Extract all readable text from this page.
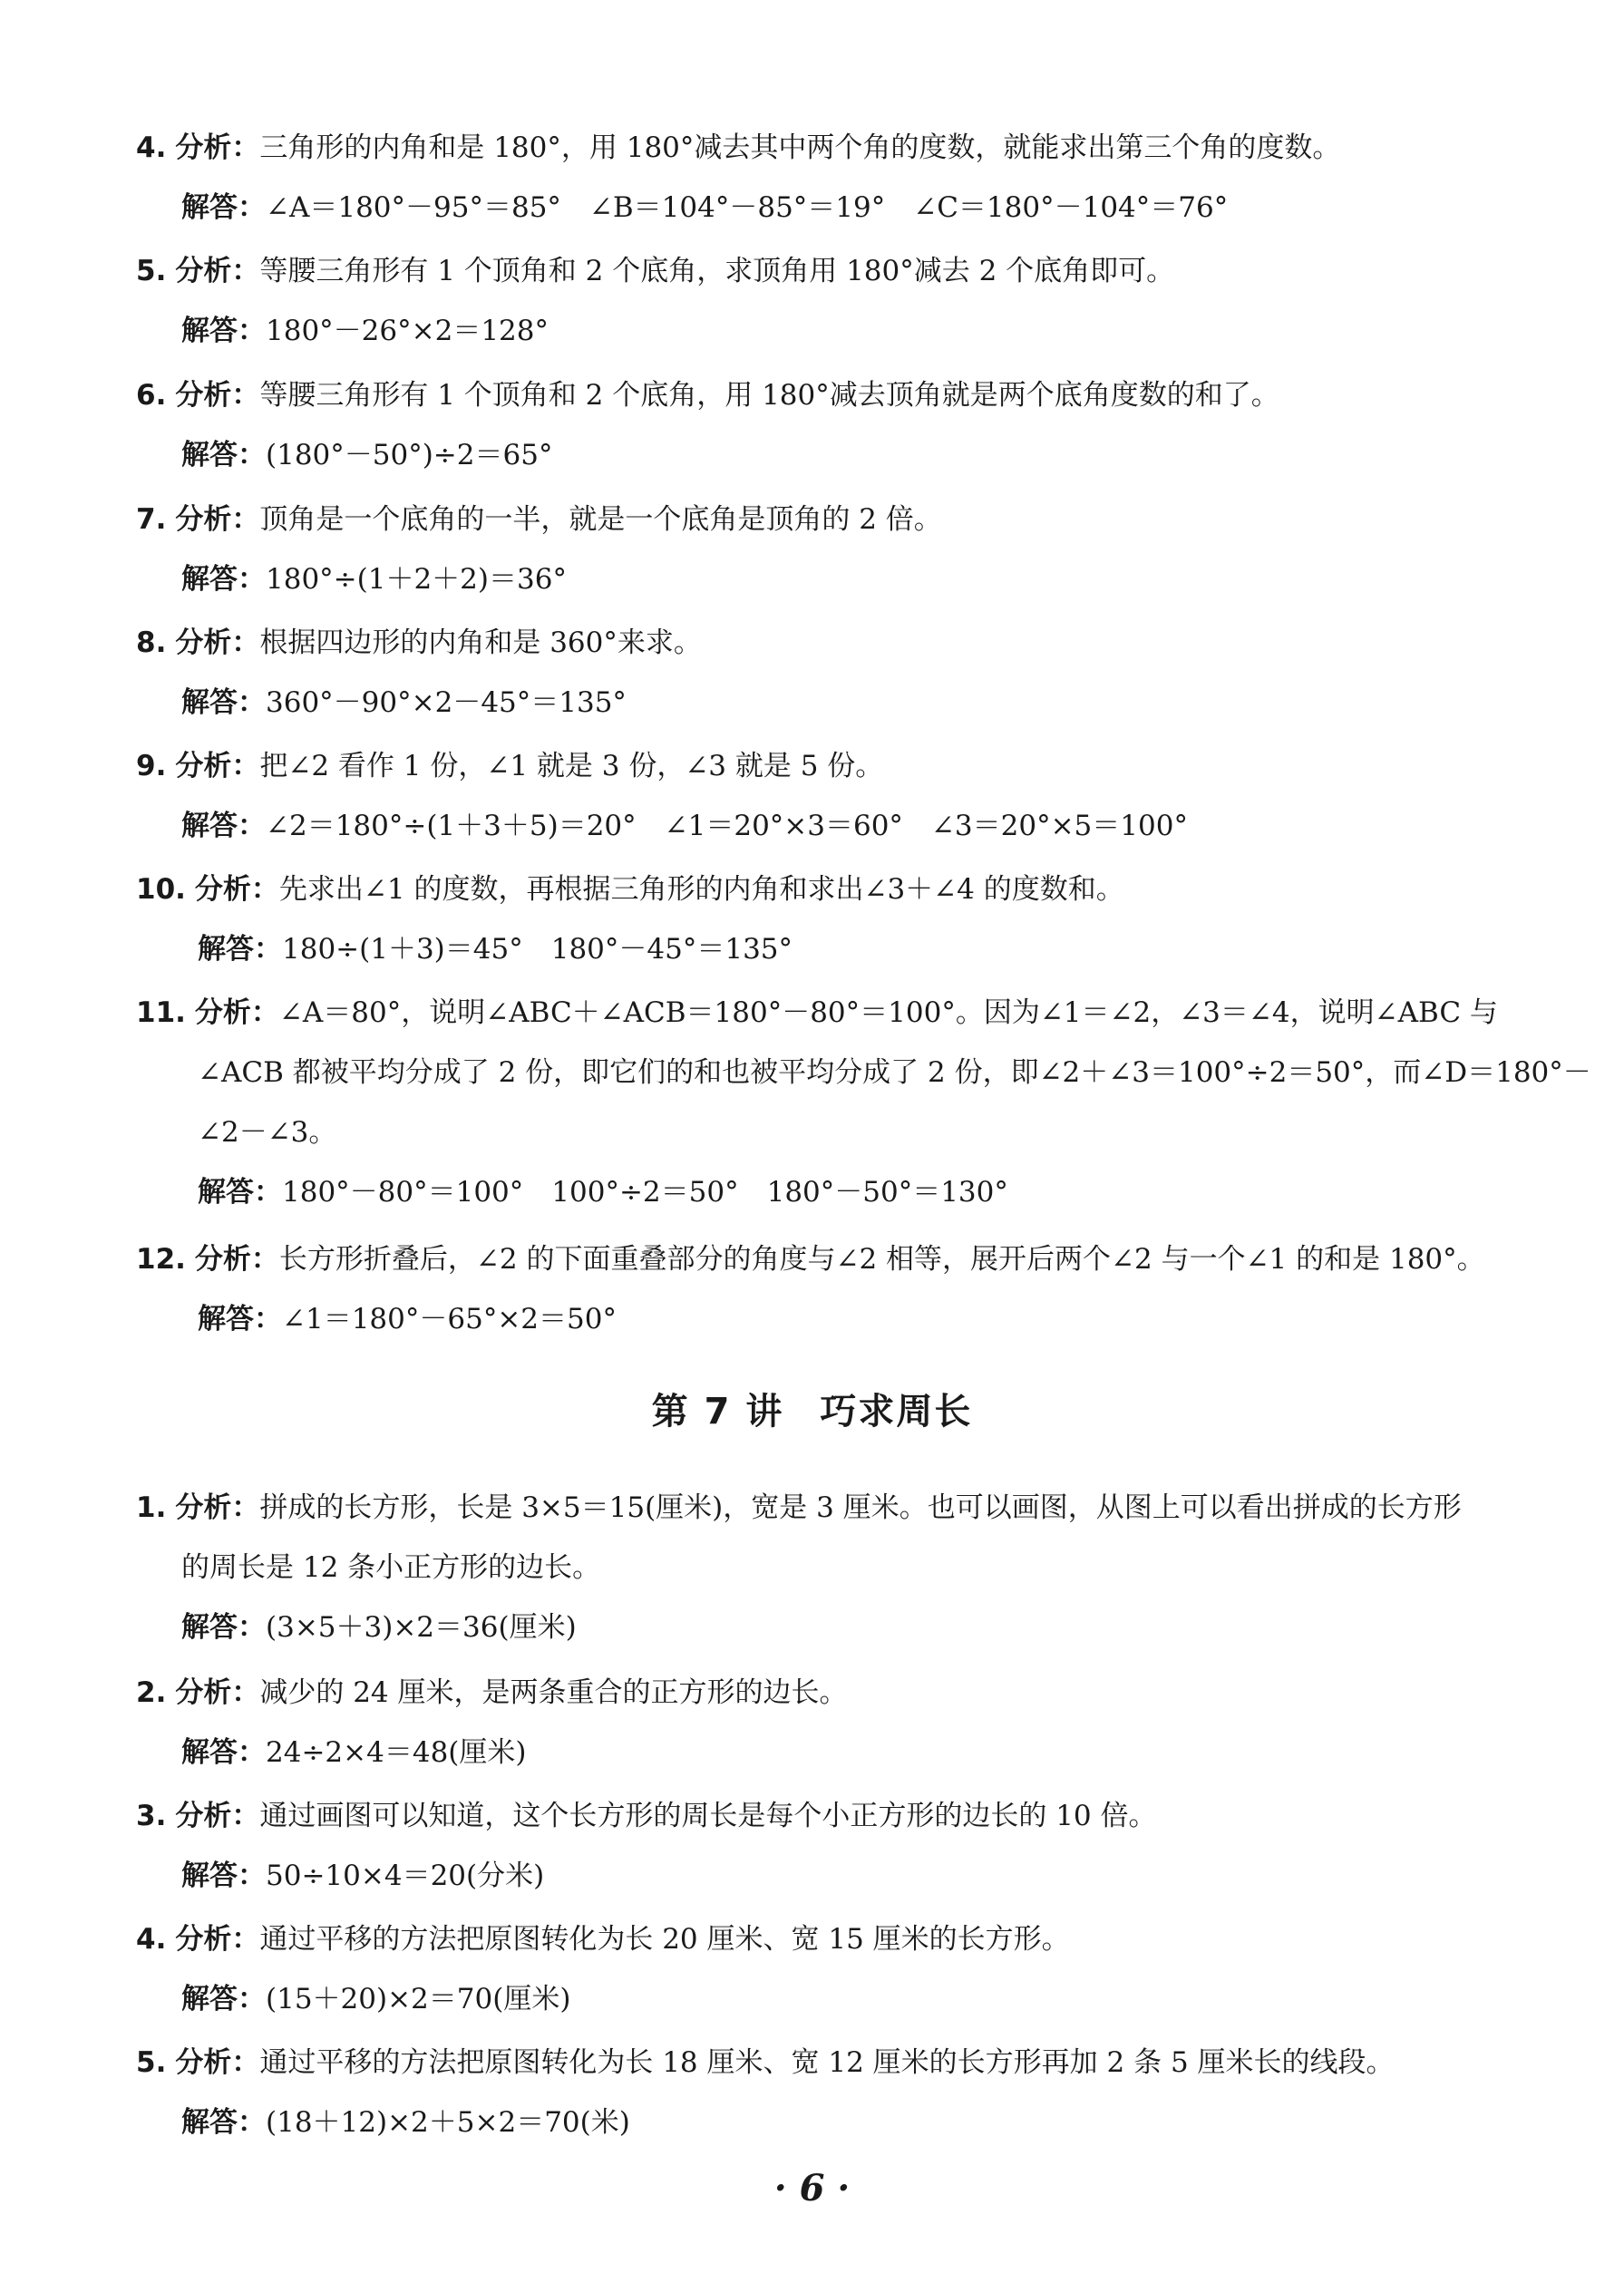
4. 分析：三角形的内角和是 180°，用 180°减去其中两个角的度数，就能求出第三个角的度数。
解答：∠A＝180°－95°＝85°　∠B＝104°－85°＝19°　∠C＝180°－104°＝76°
5. 分析：等腰三角形有 1 个顶角和 2 个底角，求顶角用 180°减去 2 个底角即可。
解答：180°－26°×2＝128°
6. 分析：等腰三角形有 1 个顶角和 2 个底角，用 180°减去顶角就是两个底角度数的和了。
解答：(180°－50°)÷2＝65°
7. 分析：顶角是一个底角的一半，就是一个底角是顶角的 2 倍。
解答：180°÷(1＋2＋2)＝36°
8. 分析：根据四边形的内角和是 360°来求。
解答：360°－90°×2－45°＝135°
9. 分析：把∠2 看作 1 份，∠1 就是 3 份，∠3 就是 5 份。
解答：∠2＝180°÷(1＋3＋5)＝20°　∠1＝20°×3＝60°　∠3＝20°×5＝100°
10. 分析：先求出∠1 的度数，再根据三角形的内角和求出∠3＋∠4 的度数和。
解答：180÷(1＋3)＝45°　180°－45°＝135°
11. 分析：∠A＝80°，说明∠ABC＋∠ACB＝180°－80°＝100°。因为∠1＝∠2，∠3＝∠4，说明∠ABC 与
∠ACB 都被平均分成了 2 份，即它们的和也被平均分成了 2 份，即∠2＋∠3＝100°÷2＝50°，而∠D＝180°－
∠2－∠3。
解答：180°－80°＝100°　100°÷2＝50°　180°－50°＝130°
12. 分析：长方形折叠后，∠2 的下面重叠部分的角度与∠2 相等，展开后两个∠2 与一个∠1 的和是 180°。
解答：∠1＝180°－65°×2＝50°
第 7 讲 巧求周长
1. 分析：拼成的长方形，长是 3×5＝15(厘米)，宽是 3 厘米。也可以画图，从图上可以看出拼成的长方形
的周长是 12 条小正方形的边长。
解答：(3×5＋3)×2＝36(厘米)
2. 分析：减少的 24 厘米，是两条重合的正方形的边长。
解答：24÷2×4＝48(厘米)
3. 分析：通过画图可以知道，这个长方形的周长是每个小正方形的边长的 10 倍。
解答：50÷10×4＝20(分米)
4. 分析：通过平移的方法把原图转化为长 20 厘米、宽 15 厘米的长方形。
解答：(15＋20)×2＝70(厘米)
5. 分析：通过平移的方法把原图转化为长 18 厘米、宽 12 厘米的长方形再加 2 条 5 厘米长的线段。
解答：(18＋12)×2＋5×2＝70(米)
· 6 ·
